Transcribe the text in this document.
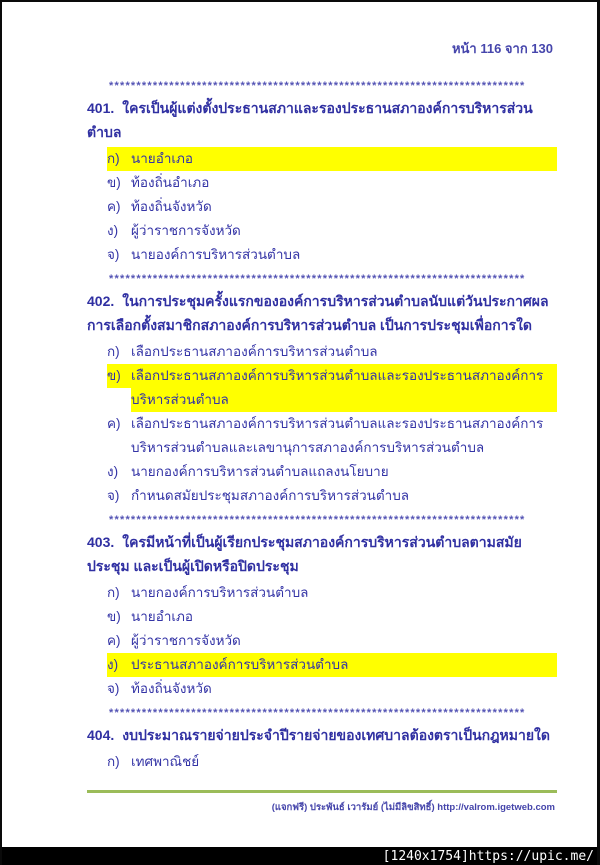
หน้า 116 จาก 130
****************************************************************************
401. ใครเป็นผู้แต่งตั้งประธานสภาและรองประธานสภาองค์การบริหารส่วนตำบล
ก) นายอำเภอ
ข) ท้องถิ่นอำเภอ
ค) ท้องถิ่นจังหวัด
ง) ผู้ว่าราชการจังหวัด
จ) นายองค์การบริหารส่วนตำบล
****************************************************************************
402. ในการประชุมครั้งแรกขององค์การบริหารส่วนตำบลนับแต่วันประกาศผลการเลือกตั้งสมาชิกสภาองค์การบริหารส่วนตำบล เป็นการประชุมเพื่อการใด
ก) เลือกประธานสภาองค์การบริหารส่วนตำบล
ข) เลือกประธานสภาองค์การบริหารส่วนตำบลและรองประธานสภาองค์การบริหารส่วนตำบล
ค) เลือกประธานสภาองค์การบริหารส่วนตำบลและรองประธานสภาองค์การบริหารส่วนตำบลและเลขานุการสภาองค์การบริหารส่วนตำบล
ง) นายกองค์การบริหารส่วนตำบลแถลงนโยบาย
จ) กำหนดสมัยประชุมสภาองค์การบริหารส่วนตำบล
****************************************************************************
403. ใครมีหน้าที่เป็นผู้เรียกประชุมสภาองค์การบริหารส่วนตำบลตามสมัยประชุม และเป็นผู้เปิดหรือปิดประชุม
ก) นายกองค์การบริหารส่วนตำบล
ข) นายอำเภอ
ค) ผู้ว่าราชการจังหวัด
ง) ประธานสภาองค์การบริหารส่วนตำบล
จ) ท้องถิ่นจังหวัด
****************************************************************************
404. งบประมาณรายจ่ายประจำปีรายจ่ายของเทศบาลต้องตราเป็นกฎหมายใด
ก) เทศพาณิชย์
(แจกฟรี) ประพันธ์ เวารัมย์ (ไม่มีลิขสิทธิ์) http://valrom.igetweb.com
[1240x1754]https://upic.me/
